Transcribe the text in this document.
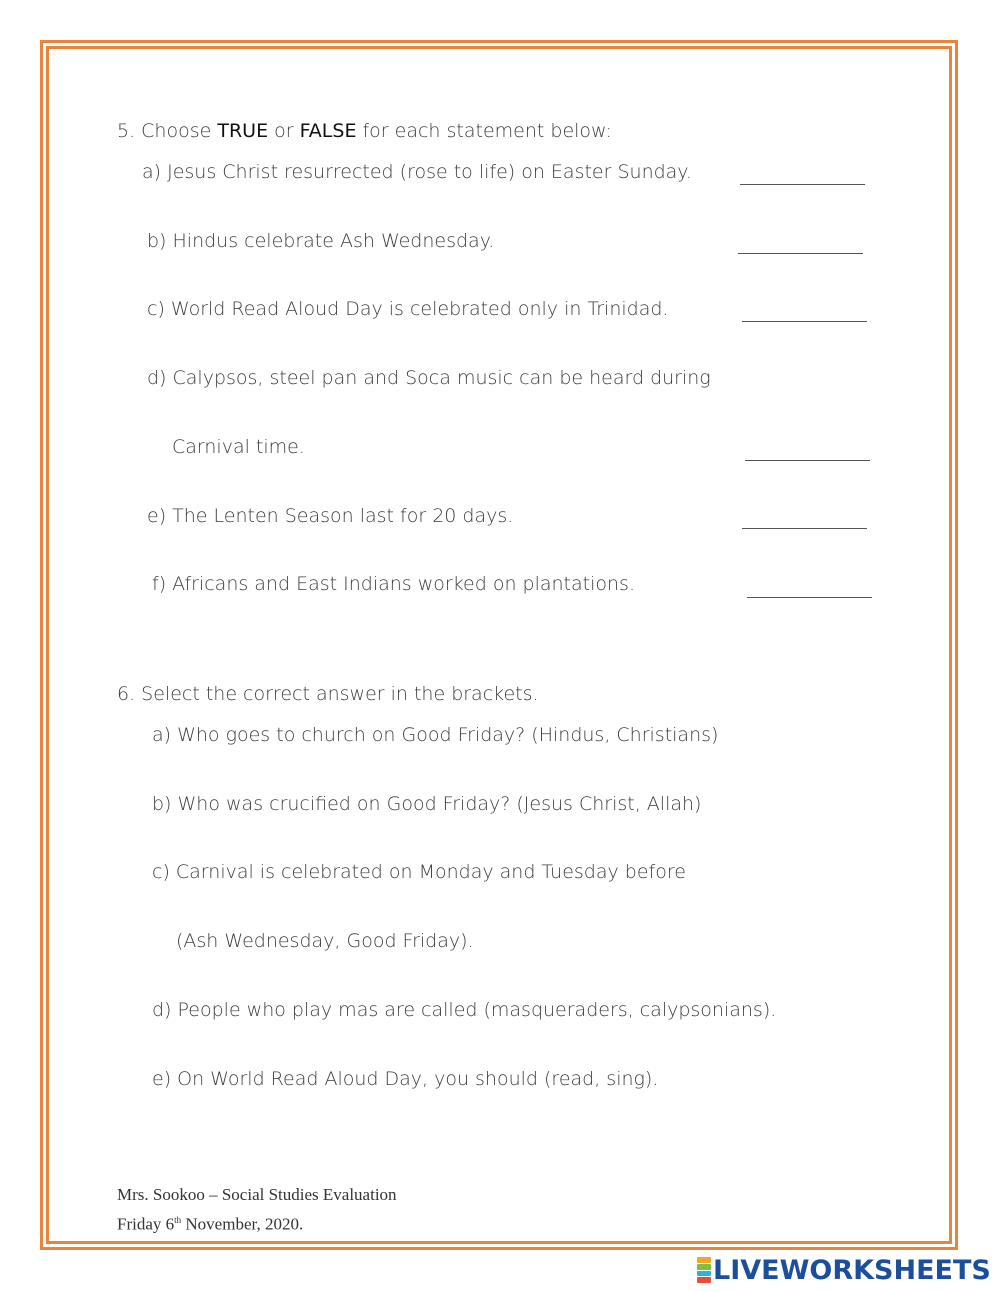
5. Choose TRUE or FALSE for each statement below:
a) Jesus Christ resurrected (rose to life) on Easter Sunday.
b) Hindus celebrate Ash Wednesday.
c) World Read Aloud Day is celebrated only in Trinidad.
d) Calypsos, steel pan and Soca music can be heard during
Carnival time.
e) The Lenten Season last for 20 days.
f) Africans and East Indians worked on plantations.
6. Select the correct answer in the brackets.
a) Who goes to church on Good Friday? (Hindus, Christians)
b) Who was crucified on Good Friday? (Jesus Christ, Allah)
c) Carnival is celebrated on Monday and Tuesday before
(Ash Wednesday, Good Friday).
d) People who play mas are called (masqueraders, calypsonians).
e) On World Read Aloud Day, you should (read, sing).
Mrs. Sookoo – Social Studies Evaluation
Friday 6th November, 2020.
LIVEWORKSHEETS
